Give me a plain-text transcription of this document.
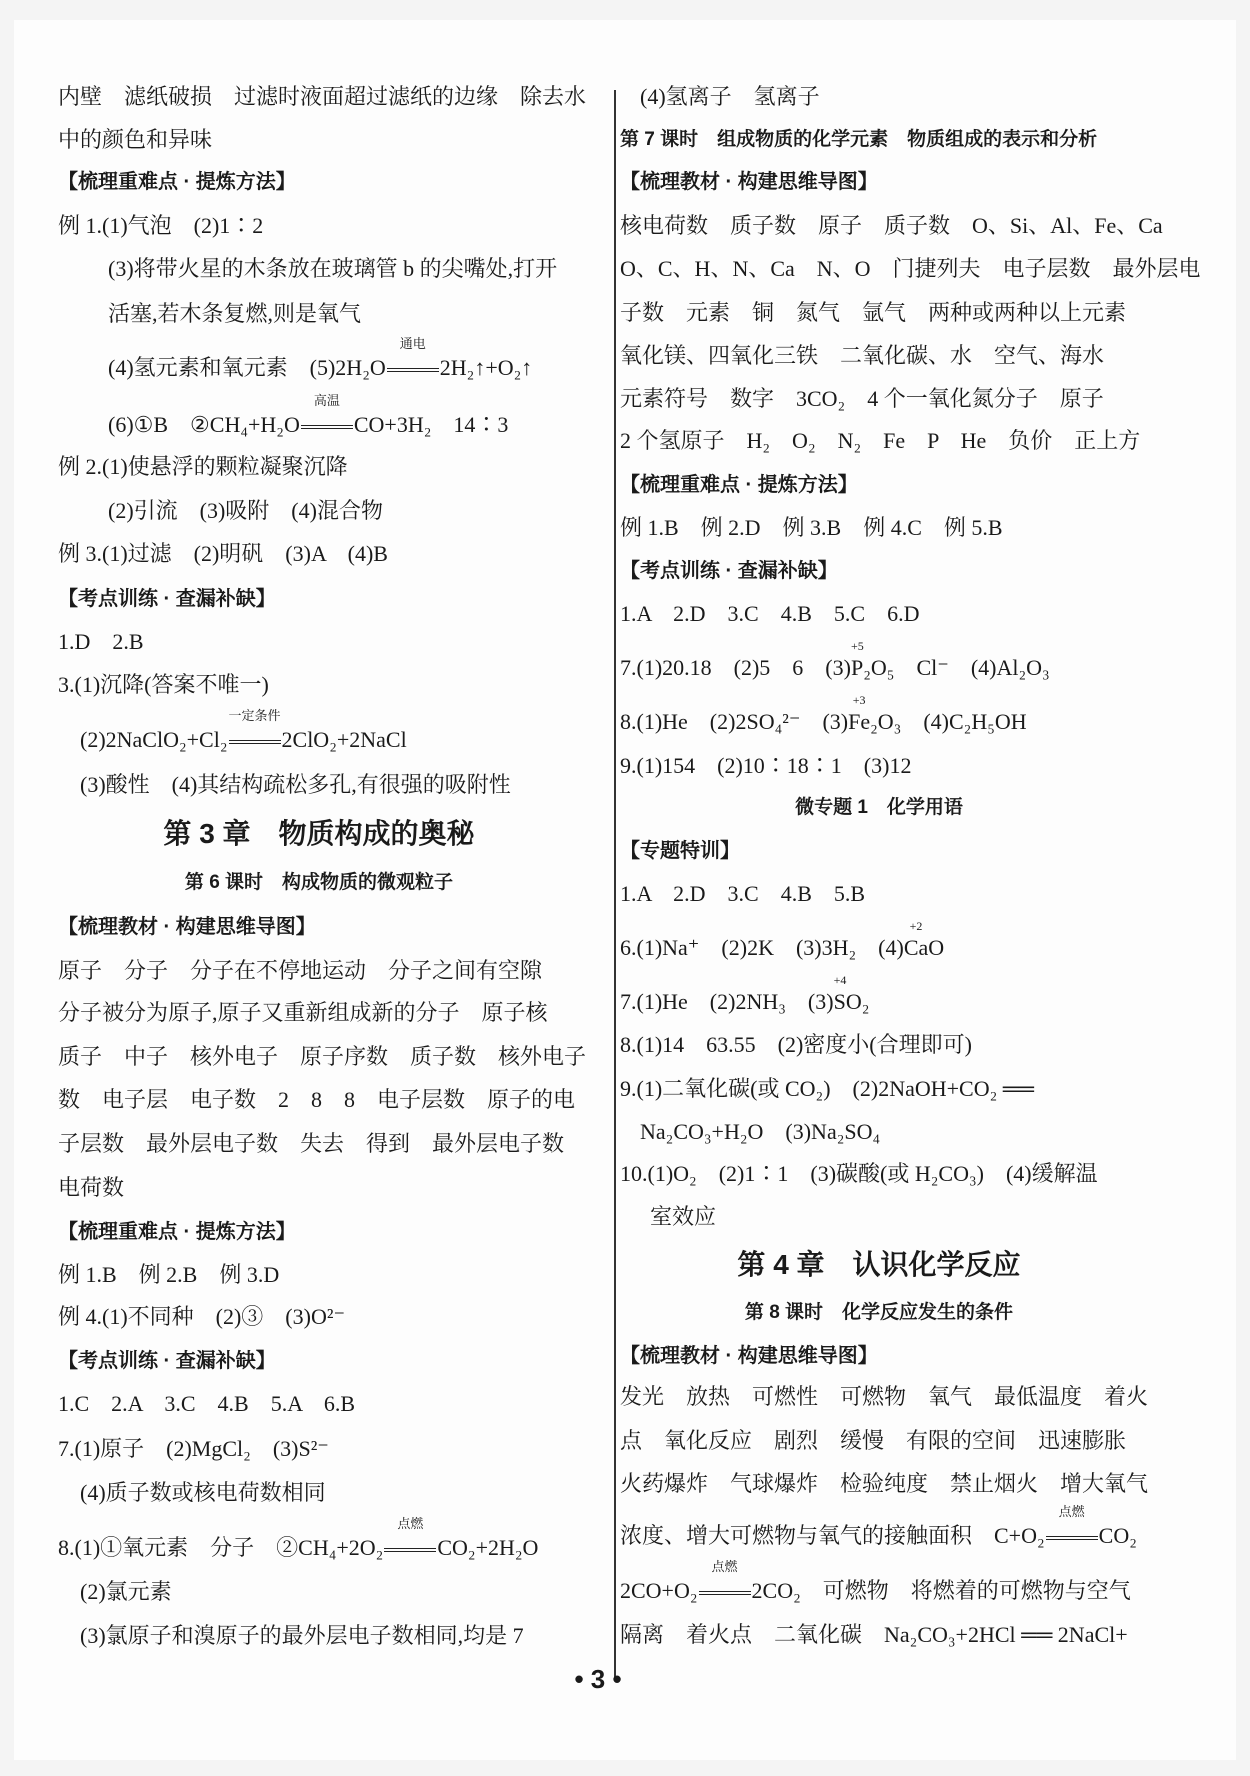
内壁　滤纸破损　过滤时液面超过滤纸的边缘　除去水
中的颜色和异味
【梳理重难点 · 提炼方法】
例 1.(1)气泡　(2)1∶2
(3)将带火星的木条放在玻璃管 b 的尖嘴处,打开
活塞,若木条复燃,则是氧气
(4)氢元素和氧元素　(5)2H₂O
通电
2H₂↑+O₂↑
(6)①B　②CH₄+H₂O
高温
CO+3H₂　14∶3
例 2.(1)使悬浮的颗粒凝聚沉降
(2)引流　(3)吸附　(4)混合物
例 3.(1)过滤　(2)明矾　(3)A　(4)B
【考点训练 · 查漏补缺】
1.D　2.B
3.(1)沉降(答案不唯一)
(2)2NaClO₂+Cl₂
一定条件
2ClO₂+2NaCl
(3)酸性　(4)其结构疏松多孔,有很强的吸附性
第 3 章　物质构成的奥秘
第 6 课时　构成物质的微观粒子
【梳理教材 · 构建思维导图】
原子　分子　分子在不停地运动　分子之间有空隙
分子被分为原子,原子又重新组成新的分子　原子核
质子　中子　核外电子　原子序数　质子数　核外电子
数　电子层　电子数　2　8　8　电子层数　原子的电
子层数　最外层电子数　失去　得到　最外层电子数
电荷数
【梳理重难点 · 提炼方法】
例 1.B　例 2.B　例 3.D
例 4.(1)不同种　(2)③　(3)O²⁻
【考点训练 · 查漏补缺】
1.C　2.A　3.C　4.B　5.A　6.B
7.(1)原子　(2)MgCl₂　(3)S²⁻
(4)质子数或核电荷数相同
8.(1)①氧元素　分子　②CH₄+2O₂
点燃
CO₂+2H₂O
(2)氯元素
(3)氯原子和溴原子的最外层电子数相同,均是 7
(4)氢离子　氢离子
第 7 课时　组成物质的化学元素　物质组成的表示和分析
【梳理教材 · 构建思维导图】
核电荷数　质子数　原子　质子数　O、Si、Al、Fe、Ca
O、C、H、N、Ca　N、O　门捷列夫　电子层数　最外层电
子数　元素　铜　氮气　氩气　两种或两种以上元素
氧化镁、四氧化三铁　二氧化碳、水　空气、海水
元素符号　数字　3CO₂　4 个一氧化氮分子　原子
2 个氢原子　H₂　O₂　N₂　Fe　P　He　负价　正上方
【梳理重难点 · 提炼方法】
例 1.B　例 2.D　例 3.B　例 4.C　例 5.B
【考点训练 · 查漏补缺】
1.A　2.D　3.C　4.B　5.C　6.D
7.(1)20.18　(2)5　6　(3)
+5
P₂O₅　Cl⁻　(4)Al₂O₃
8.(1)He　(2)2SO₄²⁻　(3)
+3
Fe₂O₃　(4)C₂H₅OH
9.(1)154　(2)10∶18∶1　(3)12
微专题 1　化学用语
【专题特训】
1.A　2.D　3.C　4.B　5.B
6.(1)Na⁺　(2)2K　(3)3H₂　(4)
+2
CaO
7.(1)He　(2)2NH₃　(3)
+4
SO₂
8.(1)14　63.55　(2)密度小(合理即可)
9.(1)二氧化碳(或 CO₂)　(2)2NaOH+CO₂ ══
Na₂CO₃+H₂O　(3)Na₂SO₄
10.(1)O₂　(2)1∶1　(3)碳酸(或 H₂CO₃)　(4)缓解温
室效应
第 4 章　认识化学反应
第 8 课时　化学反应发生的条件
【梳理教材 · 构建思维导图】
发光　放热　可燃性　可燃物　氧气　最低温度　着火
点　氧化反应　剧烈　缓慢　有限的空间　迅速膨胀
火药爆炸　气球爆炸　检验纯度　禁止烟火　增大氧气
浓度、增大可燃物与氧气的接触面积　C+O₂
点燃
CO₂
2CO+O₂
点燃
2CO₂　可燃物　将燃着的可燃物与空气
隔离　着火点　二氧化碳　Na₂CO₃+2HCl ══ 2NaCl+
• 3 •
